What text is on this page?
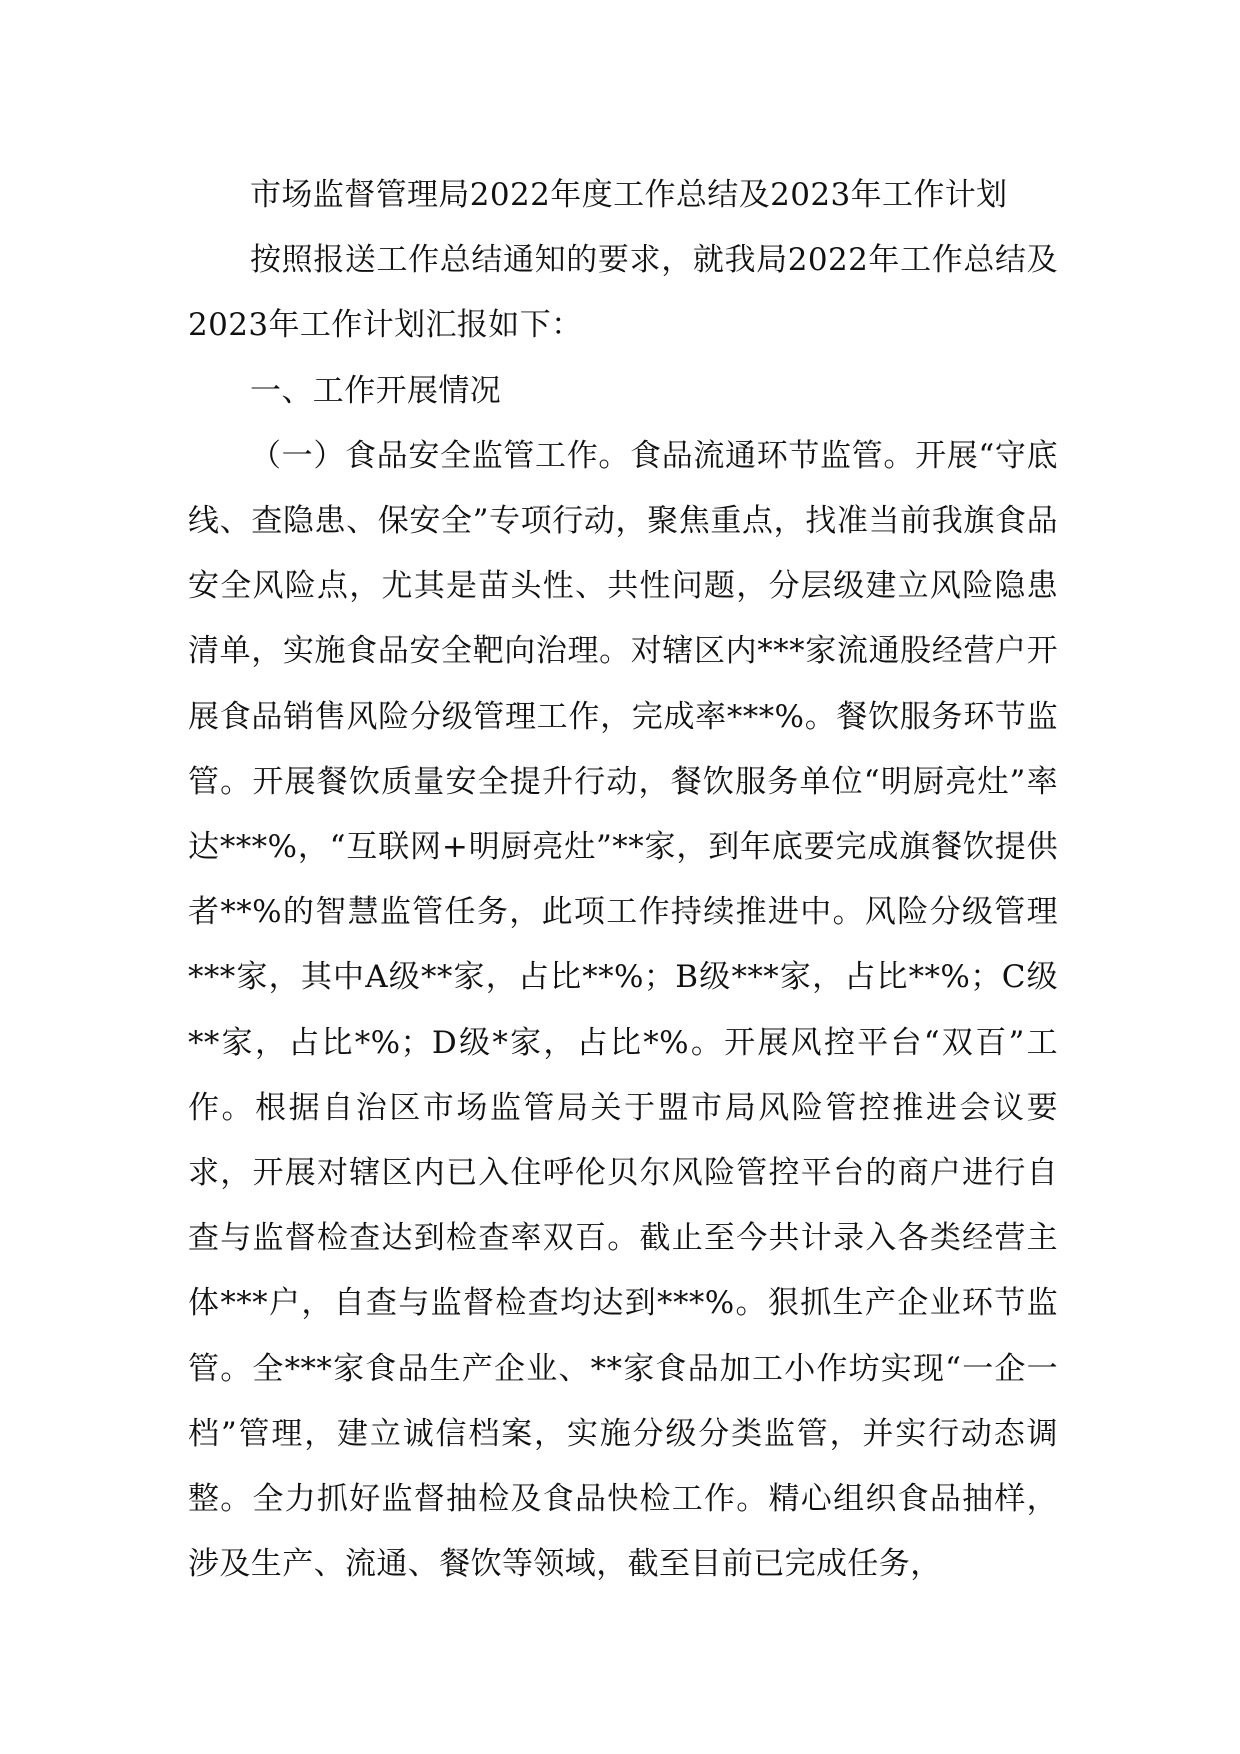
市场监督管理局2022年度工作总结及2023年工作计划

按照报送工作总结通知的要求，就我局2022年工作总结及2023年工作计划汇报如下：

一、工作开展情况

（一）食品安全监管工作。食品流通环节监管。开展“守底线、查隐患、保安全”专项行动，聚焦重点，找准当前我旗食品安全风险点，尤其是苗头性、共性问题，分层级建立风险隐患清单，实施食品安全靶向治理。对辖区内***家流通股经营户开展食品销售风险分级管理工作，完成率***%。餐饮服务环节监管。开展餐饮质量安全提升行动，餐饮服务单位“明厨亮灶”率达***%，“互联网+明厨亮灶”**家，到年底要完成旗餐饮提供者**%的智慧监管任务，此项工作持续推进中。风险分级管理***家，其中A级**家，占比**%；B级***家，占比**%；C级**家，占比*%；D级*家，占比*%。开展风控平台“双百”工作。根据自治区市场监管局关于盟市局风险管控推进会议要求，开展对辖区内已入住呼伦贝尔风险管控平台的商户进行自查与监督检查达到检查率双百。截止至今共计录入各类经营主体***户，自查与监督检查均达到***%。狠抓生产企业环节监管。全***家食品生产企业、**家食品加工小作坊实现“一企一档”管理，建立诚信档案，实施分级分类监管，并实行动态调整。全力抓好监督抽检及食品快检工作。精心组织食品抽样，涉及生产、流通、餐饮等领域，截至目前已完成任务，
